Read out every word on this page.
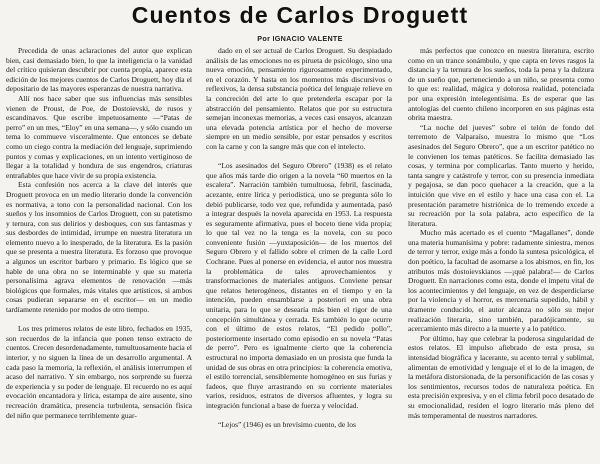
Cuentos de Carlos Droguett
Por IGNACIO VALENTE

Precedida de unas aclaraciones del autor que explican bien, casi demasiado bien, lo que la inteligencia o la vanidad del crítico quisieran descubrir por cuenta propia, aparece esta edición de los mejores cuentos de Carlos Droguett, hoy día el depositario de las mayores esperanzas de nuestra narrativa.

Allí nos hace saber que sus influencias más sensibles vienen de Proust, de Poe, de Dostoievski, de rusos y escandinavos. Que escribe impetuosamente —“Patas de perro” en un mes, “Eloy” en una semana—, y sólo cuando un tema lo commueve visceralmente. Que entonces se debate como un ciego contra la mediación del lenguaje, suprimiendo puntos y comas y explicaciones, en un intento vertiginoso de llegar a la totalidad y hondura de sus engendros, criaturas entrañables que hace vivir de su propia existencia.

Esta confesión nos acerca a la clave del interés que Droguett provoca en un medio literario donde la convención es normativa, a tono con la personalidad nacional. Con los sueños y los insomnios de Carlos Droguett, con su patetismo y ternura, con sus delirios y desboques, con sus fantasmas y sus desbordes de intimidad, irrumpe en nuestra literatura un elemento nuevo a lo inesperado, de la literatura. Es la pasión que se presenta a nuestra literatura. Es forzoso que provoque a algunos un escritor barbaro y primario. Es lógico que se hable de una obra no se interminable y que su materia personalísima agrava elementos de renovación —más biológicos que formales, más vitales que artísticos, si ambos cosas pudieran separarse en el escritor— en un medio tardíamente retenido por modos de otro tiempo.

Los tres primeros relatos de este libro, fechados en 1935, son recuerdos de la infancia que ponen tenso extracto de cuentos. Crecen desordenadamente, tumultuosamente hacia el interior, y no siguen la línea de un desarrollo argumental. A cada paso la memoria, la reflexión, el análisis interrumpen el acaso del narrativo. Y sin embargo, nos sorprende su fuerza de experiencia y su poder de lenguaje. El recuerdo no es aquí evocación encantadora y lírica, estampa de aire ausente, sino recreación dramática, presencia turbulenta, sensación física del niño que permanece terriblemente guar-

dado en el ser actual de Carlos Droguett. Su despiadado análisis de las emociones no es pirueta de psicólogo, sino una nueva emoción, pensamiento rigurosamente experimentado, en el corazón. Y hasta en los momentos más discursivos o reflexivos, la densa substancia poética del lenguaje relieve en la concreción del arte lo que pretenderla escapar por la abstracción del pensamiento. Relatos que por su estructura semejan inconexas memorias, a veces casi ensayos, alcanzan una elevada potencia artística por el hecho de moverse siempre en un medio sensible, por estar pensados y escritos con la carne y con la sangre más que con el intelecto.

“Los asesinados del Seguro Obrero” (1938) es el relato que años más tarde dio origen a la novela “60 muertos en la escalera”. Narración también tumultuosa, febril, fascinada, acezante, entre lírica y periodística, uno se pregunta sólo lo debió publicarse, todo vez que, refundida y aumentada, pasó a integrar después la novela aparecida en 1953. La respuesta es seguramente afirmativa, pues el boceto tiene vida propia; lo que tal vez no la tenga es la novela, con su poco conveniente fusión —yuxtaposición— de los muertos del Seguro Obrero y el fallido sobre el crimen de la calle Lord Cochrane. Pues al ponerse en evidencia, el autor nos muestra la problemática de tales aprovechamientos y transformaciones de materiales antiguos. Conviene pensar que relatos heterogéneos, distantes en el tiempo y en la intención, pueden ensamblarse a posteriori en una obra unitaria, para lo que se desearía más bien el rigor de una concepción simultánea y cerrada. Es también lo que ocurre con el último de estos relatos, “El pedido pollo”, posteriormente insertado como episodio en su novela “Patas de perro”. Pero es igualmente cierto que la coherencia estructural no importa demasiado en un prosista que funda la unidad de sus obras en otra principios: la coherencia emotiva, el estilo torrencial, sensiblemente homogéneo en sus furias y fadeos, que fluye arrastrando en su corriente materiales varios, residuos, estratos de diversos afluentes, y logra su integración funcional a base de fuerza y velocidad.

“Lejos” (1946) es un brevísimo cuento, de los

más perfectos que conozco en nuestra literatura, escrito como en un trance sonámbulo, y que capta en leves rasgos la distancia y la ternura de los sueños, toda la pena y la dulzura de un sueño que, perteneciendo a un niño, se presenta como lo que es: realidad, mágica y dolorosa realidad, potenciada por una expresión intelegentísima. Es de esperar que las antologías del cuento chileno incorporen en sus páginas esta obrita maestra.

“La noche del jueves” sobre el telón de fondo del terremoto de Valparaíso, muestra lo mismo que “Los asesinados del Seguro Obrero”, que a un escritor patético no le convienen los temas patéticos. Se facilita demasiado las cosas, y termina por complicarlas. Tanto muerto y herido, tanta sangre y catástrofe y terror, con su presencia inmediata y pegajosa, se dan poco quehacer a la creación, que a la intuición que vive en el estilo y hace una casa con el. La presentación parametre histriónica de lo tremendo excede a su recreación por la sola palabra, acto específico de la literatura.

Mucho más acertado es el cuento “Magallanes”, donde una materia humanísima y pobre: radamente siniestra, menos de terror y terror, exige más a fondo la suntesa psicológica, el don poético, la facultad de asomarse a los abismos, en fin, los atributos más dostoievskianos —¡qué palabra!— de Carlos Droguett. En narraciones como esta, donde el ímpetu vital de los acontecimientos y del lenguaje, en vez de desperdiciarse por la violencia y el horror, es mercenaria supedido, hábil y dramente conducido, el autor alcanza no sólo su mejor realización literaria, sino también, paradójicamente, su acercamiento más directo a la muerte y a lo patético.

Por último, hay que celebrar la poderosa singularidad de estos relatos. El impulso afiebrado de esta prosa, su intensidad biográfica y lacerante, su acento terral y sublimal, alimentan de emotividad y lenguaje el el lo de la imagen, de la metáfora distorsionada, de la personificación de las cosas y los sentimientos, recursos todos de naturaleza poética. En esta precisión expresiva, y en el clima febril poco desatado de su emocionalidad, residen el logro literario más pleno del más temperamental de nuestros narradores.
